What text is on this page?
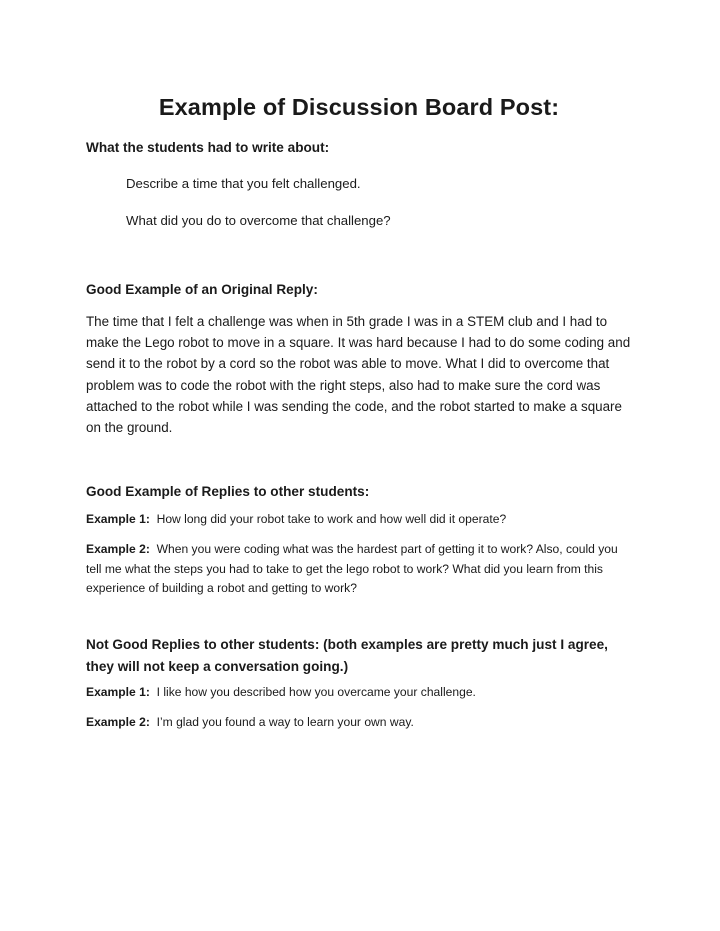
Example of Discussion Board Post:
What the students had to write about:
Describe a time that you felt challenged.
What did you do to overcome that challenge?
Good Example of an Original Reply:
The time that I felt a challenge was when in 5th grade I was in a STEM club and I had to make the Lego robot to move in a square. It was hard because I had to do some coding and send it to the robot by a cord so the robot was able to move. What I did to overcome that problem was to code the robot with the right steps, also had to make sure the cord was attached to the robot while I was sending the code, and the robot started to make a square on the ground.
Good Example of Replies to other students:
Example 1: How long did your robot take to work and how well did it operate?
Example 2: When you were coding what was the hardest part of getting it to work? Also, could you tell me what the steps you had to take to get the lego robot to work? What did you learn from this experience of building a robot and getting to work?
Not Good Replies to other students: (both examples are pretty much just I agree, they will not keep a conversation going.)
Example 1: I like how you described how you overcame your challenge.
Example 2: I’m glad you found a way to learn your own way.
